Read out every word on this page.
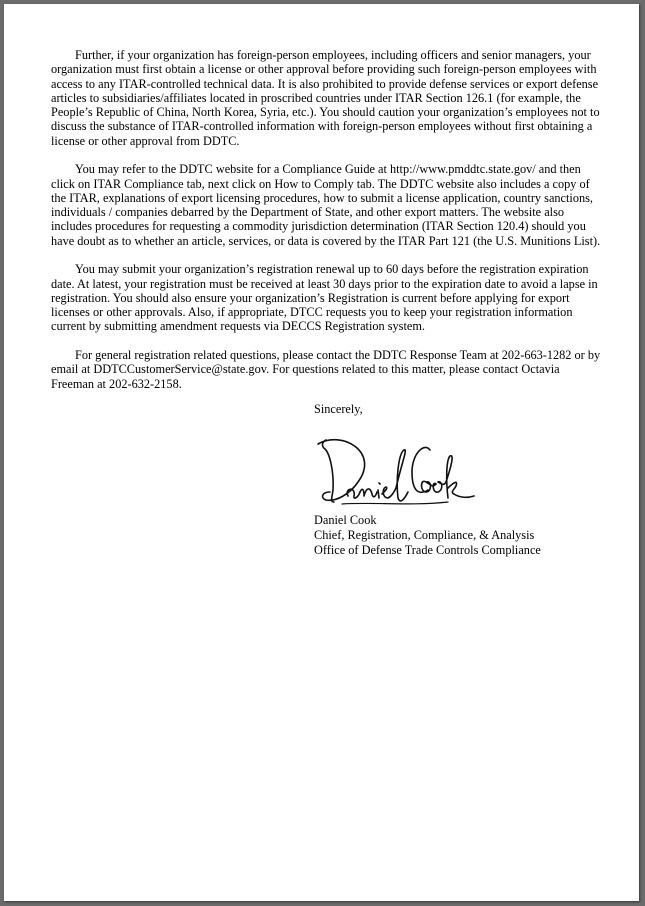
Further, if your organization has foreign-person employees, including officers and senior managers, your organization must first obtain a license or other approval before providing such foreign-person employees with access to any ITAR-controlled technical data. It is also prohibited to provide defense services or export defense articles to subsidiaries/affiliates located in proscribed countries under ITAR Section 126.1 (for example, the People’s Republic of China, North Korea, Syria, etc.). You should caution your organization’s employees not to discuss the substance of ITAR-controlled information with foreign-person employees without first obtaining a license or other approval from DDTC.

You may refer to the DDTC website for a Compliance Guide at http://www.pmddtc.state.gov/ and then click on ITAR Compliance tab, next click on How to Comply tab. The DDTC website also includes a copy of the ITAR, explanations of export licensing procedures, how to submit a license application, country sanctions, individuals / companies debarred by the Department of State, and other export matters. The website also includes procedures for requesting a commodity jurisdiction determination (ITAR Section 120.4) should you have doubt as to whether an article, services, or data is covered by the ITAR Part 121 (the U.S. Munitions List).

You may submit your organization’s registration renewal up to 60 days before the registration expiration date. At latest, your registration must be received at least 30 days prior to the expiration date to avoid a lapse in registration. You should also ensure your organization’s Registration is current before applying for export licenses or other approvals. Also, if appropriate, DTCC requests you to keep your registration information current by submitting amendment requests via DECCS Registration system.

For general registration related questions, please contact the DDTC Response Team at 202-663-1282 or by email at DDTCCustomerService@state.gov. For questions related to this matter, please contact Octavia Freeman at 202-632-2158.

Sincerely,
Daniel Cook
Chief, Registration, Compliance, & Analysis
Office of Defense Trade Controls Compliance
